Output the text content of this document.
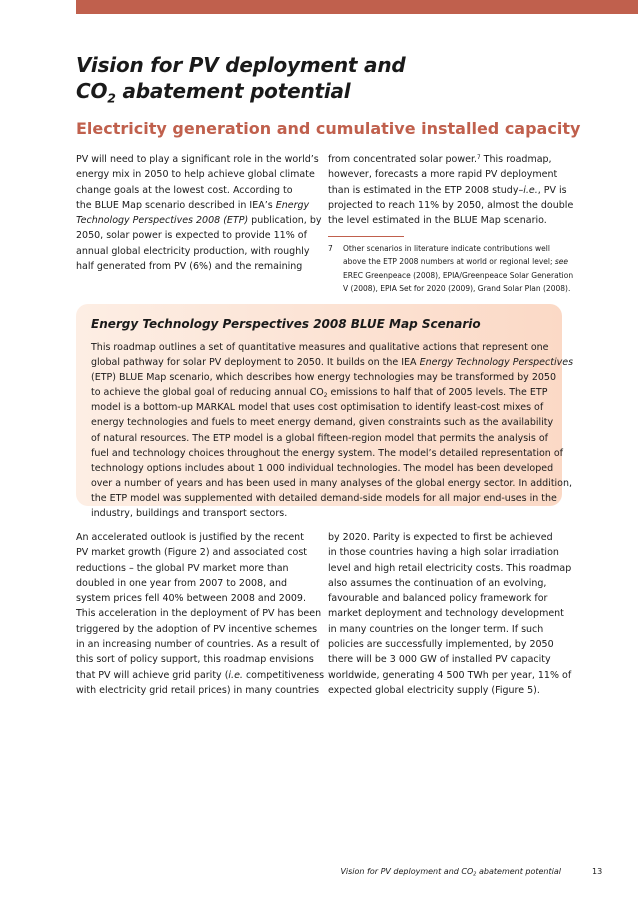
Vision for PV deployment and
$CO_2$ abatement potential
Electricity generation and cumulative installed capacity

PV will need to play a significant role in the world’s

energy mix in 2050 to help achieve global climate

change goals at the lowest cost. According to

the BLUE Map scenario described in IEA’s Energy

Technology Perspectives 2008 (ETP) publication, by

2050, solar power is expected to provide 11% of

annual global electricity production, with roughly

half generated from PV (6%) and the remaining

from concentrated solar power.$^7$ This roadmap,

however, forecasts a more rapid PV deployment

than is estimated in the ETP 2008 study–i.e., PV is

projected to reach 11% by 2050, almost the double

the level estimated in the BLUE Map scenario.

7 Other scenarios in literature indicate contributions well
above the ETP 2008 numbers at world or regional level; see
EREC Greenpeace (2008), EPIA/Greenpeace Solar Generation
V (2008), EPIA Set for 2020 (2009), Grand Solar Plan (2008).
Energy Technology Perspectives 2008 BLUE Map Scenario

This roadmap outlines a set of quantitative measures and qualitative actions that represent one

global pathway for solar PV deployment to 2050. It builds on the IEA Energy Technology Perspectives

(ETP) BLUE Map scenario, which describes how energy technologies may be transformed by 2050

to achieve the global goal of reducing annual $CO_2$ emissions to half that of 2005 levels. The ETP

model is a bottom-up MARKAL model that uses cost optimisation to identify least-cost mixes of

energy technologies and fuels to meet energy demand, given constraints such as the availability

of natural resources. The ETP model is a global fifteen-region model that permits the analysis of

fuel and technology choices throughout the energy system. The model’s detailed representation of

technology options includes about 1 000 individual technologies. The model has been developed

over a number of years and has been used in many analyses of the global energy sector. In addition,

the ETP model was supplemented with detailed demand-side models for all major end-uses in the

industry, buildings and transport sectors.

An accelerated outlook is justified by the recent

PV market growth (Figure 2) and associated cost

reductions – the global PV market more than

doubled in one year from 2007 to 2008, and

system prices fell 40% between 2008 and 2009.

This acceleration in the deployment of PV has been

triggered by the adoption of PV incentive schemes

in an increasing number of countries. As a result of

this sort of policy support, this roadmap envisions

that PV will achieve grid parity (i.e. competitiveness

with electricity grid retail prices) in many countries

by 2020. Parity is expected to first be achieved

in those countries having a high solar irradiation

level and high retail electricity costs. This roadmap

also assumes the continuation of an evolving,

favourable and balanced policy framework for

market deployment and technology development

in many countries on the longer term. If such

policies are successfully implemented, by 2050

there will be 3 000 GW of installed PV capacity

worldwide, generating 4 500 TWh per year, 11% of

expected global electricity supply (Figure 5).

Vision for PV deployment and $CO_2$ abatement potential	13
